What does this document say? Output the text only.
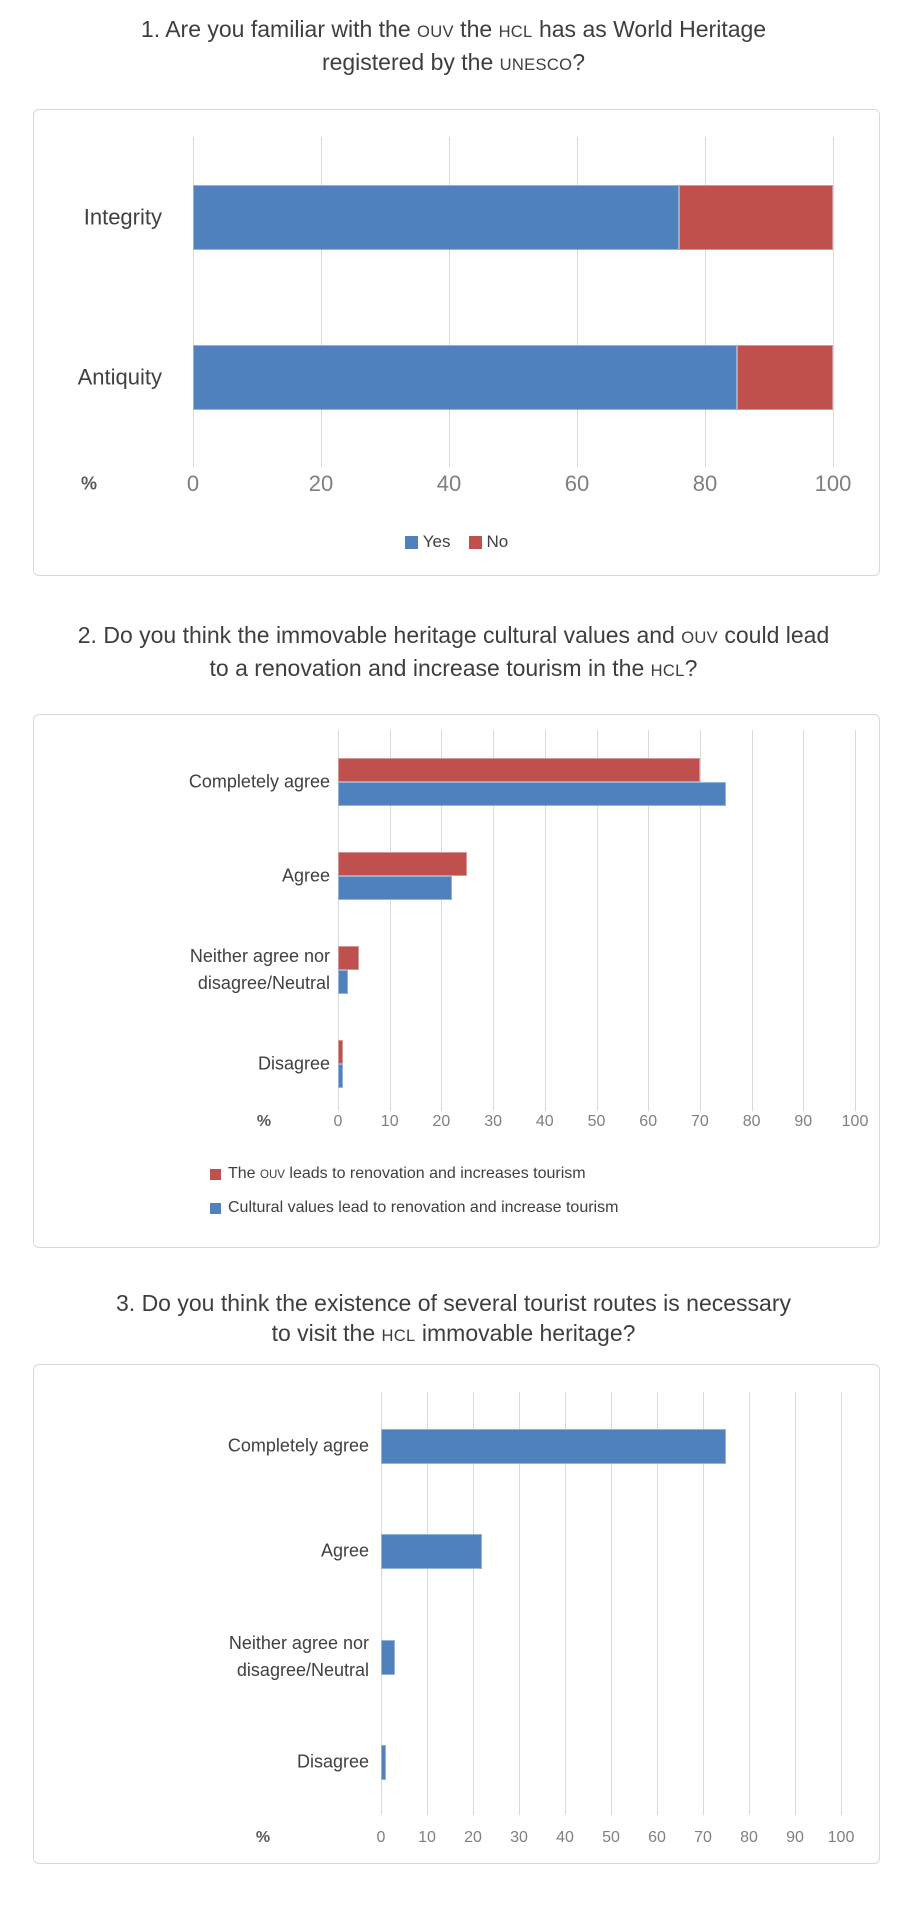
1. Are you familiar with the OUV the HCL has as World Heritage
registered by the UNESCO?
Integrity
Antiquity
0	20	40	60	80	100
%
Yes No
2. Do you think the immovable heritage cultural values and OUV could lead
to a renovation and increase tourism in the HCL?
Completely agree
Agree
Neither agree nor disagree/Neutral
Disagree
0 10 20 30 40 50 60 70 80 90 100
%
The OUV leads to renovation and increases tourism
Cultural values lead to renovation and increase tourism
3. Do you think the existence of several tourist routes is necessary
to visit the HCL immovable heritage?
Completely agree
Agree
Neither agree nor disagree/Neutral
Disagree
0 10 20 30 40 50 60 70 80 90 100
%
